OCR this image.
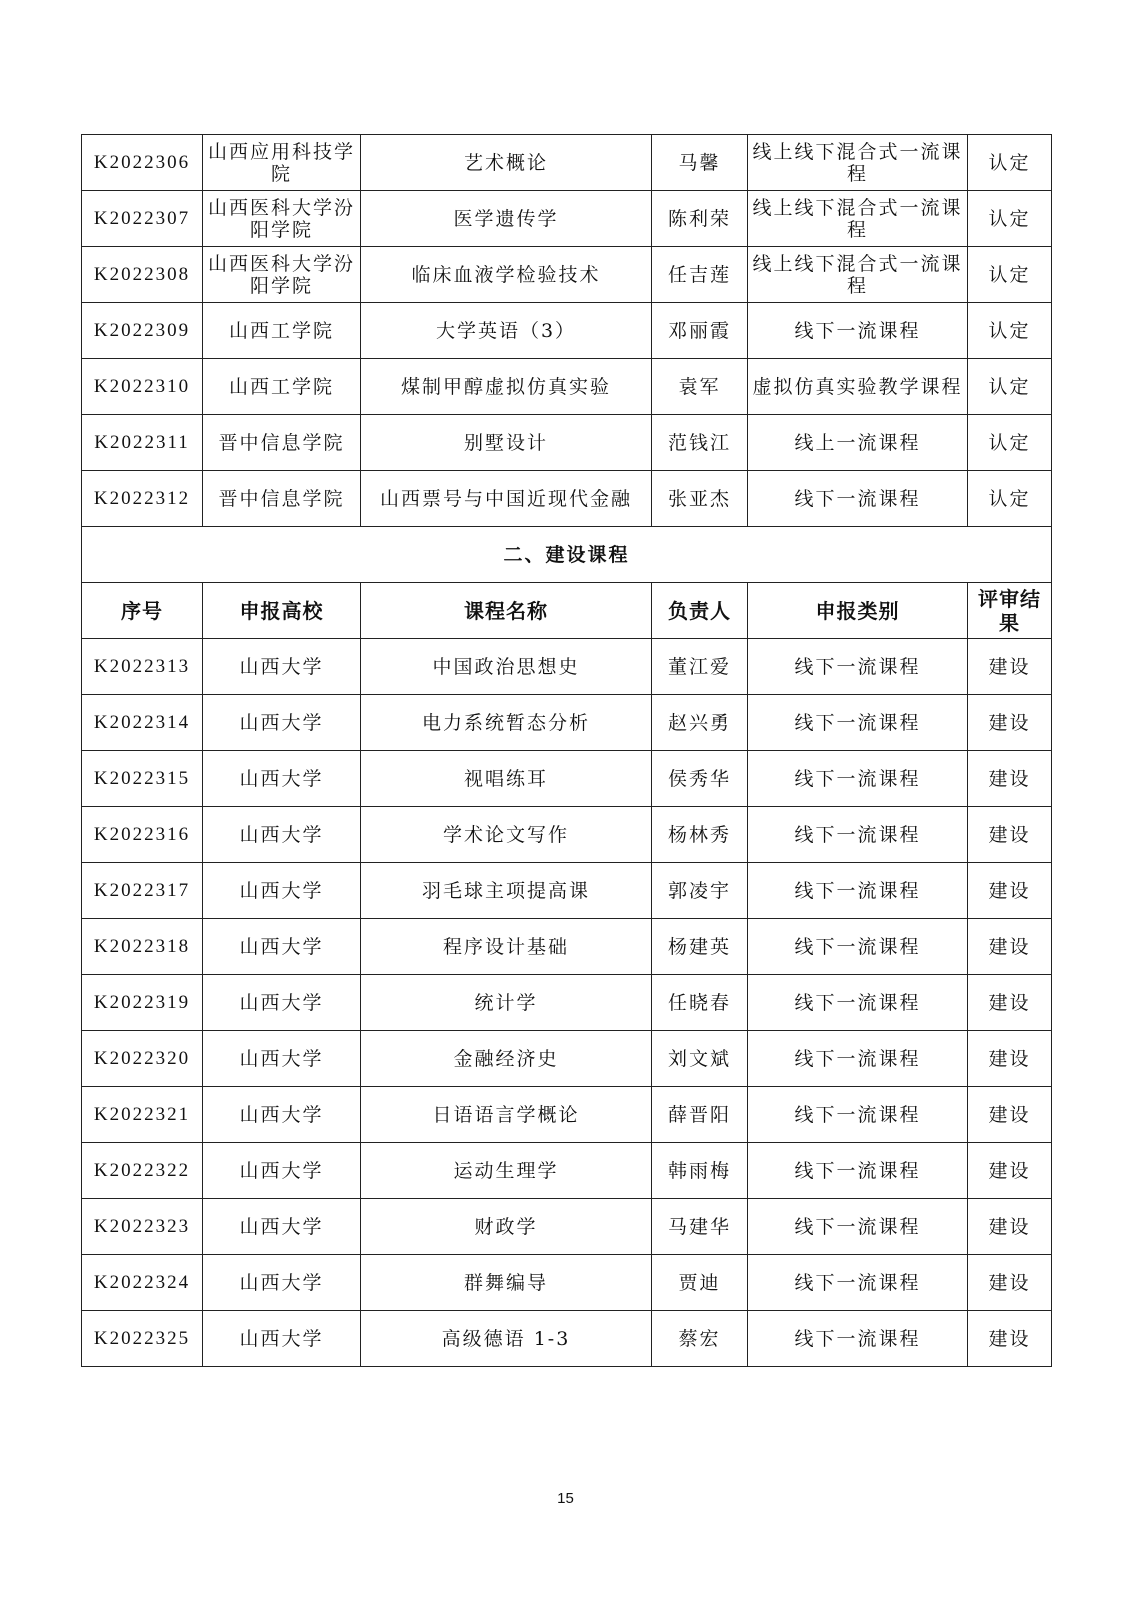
K2022306	山西应用科技学院	艺术概论	马馨	线上线下混合式一流课程	认定
K2022307	山西医科大学汾阳学院	医学遗传学	陈利荣	线上线下混合式一流课程	认定
K2022308	山西医科大学汾阳学院	临床血液学检验技术	任吉莲	线上线下混合式一流课程	认定
K2022309	山西工学院	大学英语（3）	邓丽霞	线下一流课程	认定
K2022310	山西工学院	煤制甲醇虚拟仿真实验	袁军	虚拟仿真实验教学课程	认定
K2022311	晋中信息学院	别墅设计	范钱江	线上一流课程	认定
K2022312	晋中信息学院	山西票号与中国近现代金融	张亚杰	线下一流课程	认定
二、建设课程					
序号	申报高校	课程名称	负责人	申报类别	评审结果
K2022313	山西大学	中国政治思想史	董江爱	线下一流课程	建设
K2022314	山西大学	电力系统暂态分析	赵兴勇	线下一流课程	建设
K2022315	山西大学	视唱练耳	侯秀华	线下一流课程	建设
K2022316	山西大学	学术论文写作	杨林秀	线下一流课程	建设
K2022317	山西大学	羽毛球主项提高课	郭凌宇	线下一流课程	建设
K2022318	山西大学	程序设计基础	杨建英	线下一流课程	建设
K2022319	山西大学	统计学	任晓春	线下一流课程	建设
K2022320	山西大学	金融经济史	刘文斌	线下一流课程	建设
K2022321	山西大学	日语语言学概论	薛晋阳	线下一流课程	建设
K2022322	山西大学	运动生理学	韩雨梅	线下一流课程	建设
K2022323	山西大学	财政学	马建华	线下一流课程	建设
K2022324	山西大学	群舞编导	贾迪	线下一流课程	建设
K2022325	山西大学	高级德语 1-3	蔡宏	线下一流课程	建设
15
